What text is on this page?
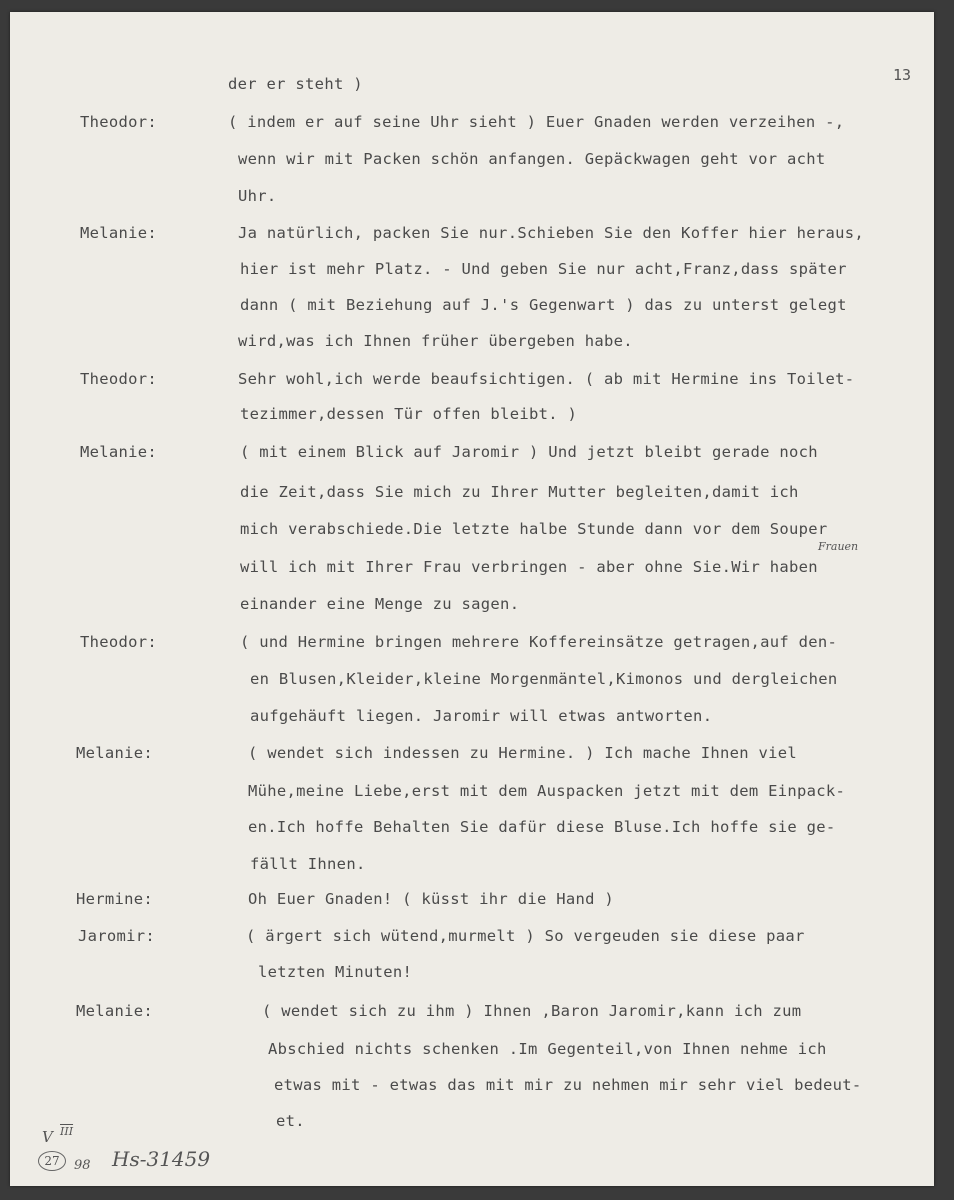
13
der er steht )
Theodor:	( indem er auf seine Uhr sieht ) Euer Gnaden werden verzeihen -,
wenn wir mit Packen schön anfangen. Gepäckwagen geht vor acht
Uhr.
Melanie:	Ja natürlich, packen Sie nur.Schieben Sie den Koffer hier heraus,
hier ist mehr Platz. - Und geben Sie nur acht,Franz,dass später
dann ( mit Beziehung auf J.'s Gegenwart ) das zu unterst gelegt
wird,was ich Ihnen früher übergeben habe.
Theodor:	Sehr wohl,ich werde beaufsichtigen. ( ab mit Hermine ins Toilet-
tezimmer,dessen Tür offen bleibt. )
Melanie:	( mit einem Blick auf Jaromir ) Und jetzt bleibt gerade noch
die Zeit,dass Sie mich zu Ihrer Mutter begleiten,damit ich
mich verabschiede.Die letzte halbe Stunde dann vor dem Souper
will ich mit Ihrer Frau verbringen - aber ohne Sie.Wir haben
einander eine Menge zu sagen.
Theodor:	( und Hermine bringen mehrere Koffereinsätze getragen,auf den-
en Blusen,Kleider,kleine Morgenmäntel,Kimonos und dergleichen
aufgehäuft liegen. Jaromir will etwas antworten.
Melanie:	( wendet sich indessen zu Hermine. ) Ich mache Ihnen viel
Mühe,meine Liebe,erst mit dem Auspacken jetzt mit dem Einpack-
en.Ich hoffe Behalten Sie dafür diese Bluse.Ich hoffe sie ge-
fällt Ihnen.
Hermine:	Oh Euer Gnaden! ( küsst ihr die Hand )
Jaromir:	( ärgert sich wütend,murmelt ) So vergeuden sie diese paar
letzten Minuten!
Melanie:	( wendet sich zu ihm ) Ihnen ,Baron Jaromir,kann ich zum
Abschied nichts schenken .Im Gegenteil,von Ihnen nehme ich
etwas mit - etwas das mit mir zu nehmen mir sehr viel bedeut-
et.
Frauen
V $\overline{III}$
27	98 Hs-31459
